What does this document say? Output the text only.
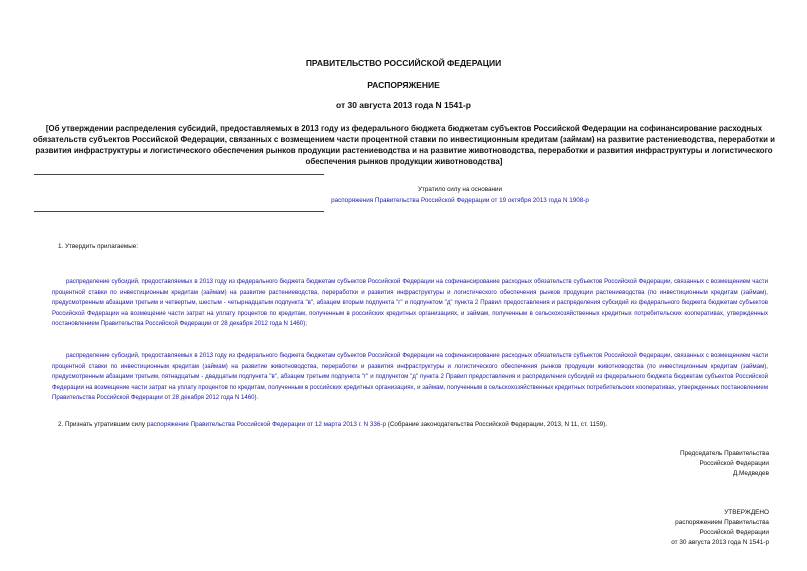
ПРАВИТЕЛЬСТВО РОССИЙСКОЙ ФЕДЕРАЦИИ
РАСПОРЯЖЕНИЕ
от 30 августа 2013 года N 1541-р
[Об утверждении распределения субсидий, предоставляемых в 2013 году из федерального бюджета бюджетам субъектов Российской Федерации на софинансирование расходных обязательств субъектов Российской Федерации, связанных с возмещением части процентной ставки по инвестиционным кредитам (займам) на развитие растениеводства, переработки и развития инфраструктуры и логистического обеспечения рынков продукции растениеводства и на развитие животноводства, переработки и развития инфраструктуры и логистического обеспечения рынков продукции животноводства]
Утратило силу на основании
распоряжения Правительства Российской Федерации от 19 октября 2013 года N 1908-р
1. Утвердить прилагаемые:
распределение субсидий, предоставляемых в 2013 году из федерального бюджета бюджетам субъектов Российской Федерации на софинансирование расходных обязательств субъектов Российской Федерации, связанных с возмещением части процентной ставки по инвестиционным кредитам (займам) на развитие растениеводства, переработки и развития инфраструктуры и логистического обеспечения рынков продукции растениеводства (по инвестиционным кредитам (займам), предусмотренным абзацами третьим и четвертым, шестым - четырнадцатым подпункта "в", абзацем вторым подпункта "г" и подпунктом "д" пункта 2 Правил предоставления и распределения субсидий из федерального бюджета бюджетам субъектов Российской Федерации на возмещение части затрат на уплату процентов по кредитам, полученным в российских кредитных организациях, и займам, полученным в сельскохозяйственных кредитных потребительских кооперативах, утвержденных постановлением Правительства Российской Федерации от 28 декабря 2012 года N 1460);
распределение субсидий, предоставляемых в 2013 году из федерального бюджета бюджетам субъектов Российской Федерации на софинансирование расходных обязательств субъектов Российской Федерации, связанных с возмещением части процентной ставки по инвестиционным кредитам (займам) на развитие животноводства, переработки и развития инфраструктуры и логистического обеспечения рынков продукции животноводства (по инвестиционным кредитам (займам), предусмотренным абзацами третьим, пятнадцатым - двадцатым подпункта "в", абзацем третьим подпункта "г" и подпунктом "д" пункта 2 Правил предоставления и распределения субсидий из федерального бюджета бюджетам субъектов Российской Федерации на возмещение части затрат на уплату процентов по кредитам, полученным в российских кредитных организациях, и займам, полученным в сельскохозяйственных кредитных потребительских кооперативах, утвержденных постановлением Правительства Российской Федерации от 28 декабря 2012 года N 1460).
2. Признать утратившим силу распоряжение Правительства Российской Федерации от 12 марта 2013 г. N 336-р (Собрание законодательства Российской Федерации, 2013, N 11, ст. 1159).
Председатель Правительства
Российской Федерации
Д.Медведев
УТВЕРЖДЕНО
распоряжением Правительства
Российской Федерации
от 30 августа 2013 года N 1541-р
